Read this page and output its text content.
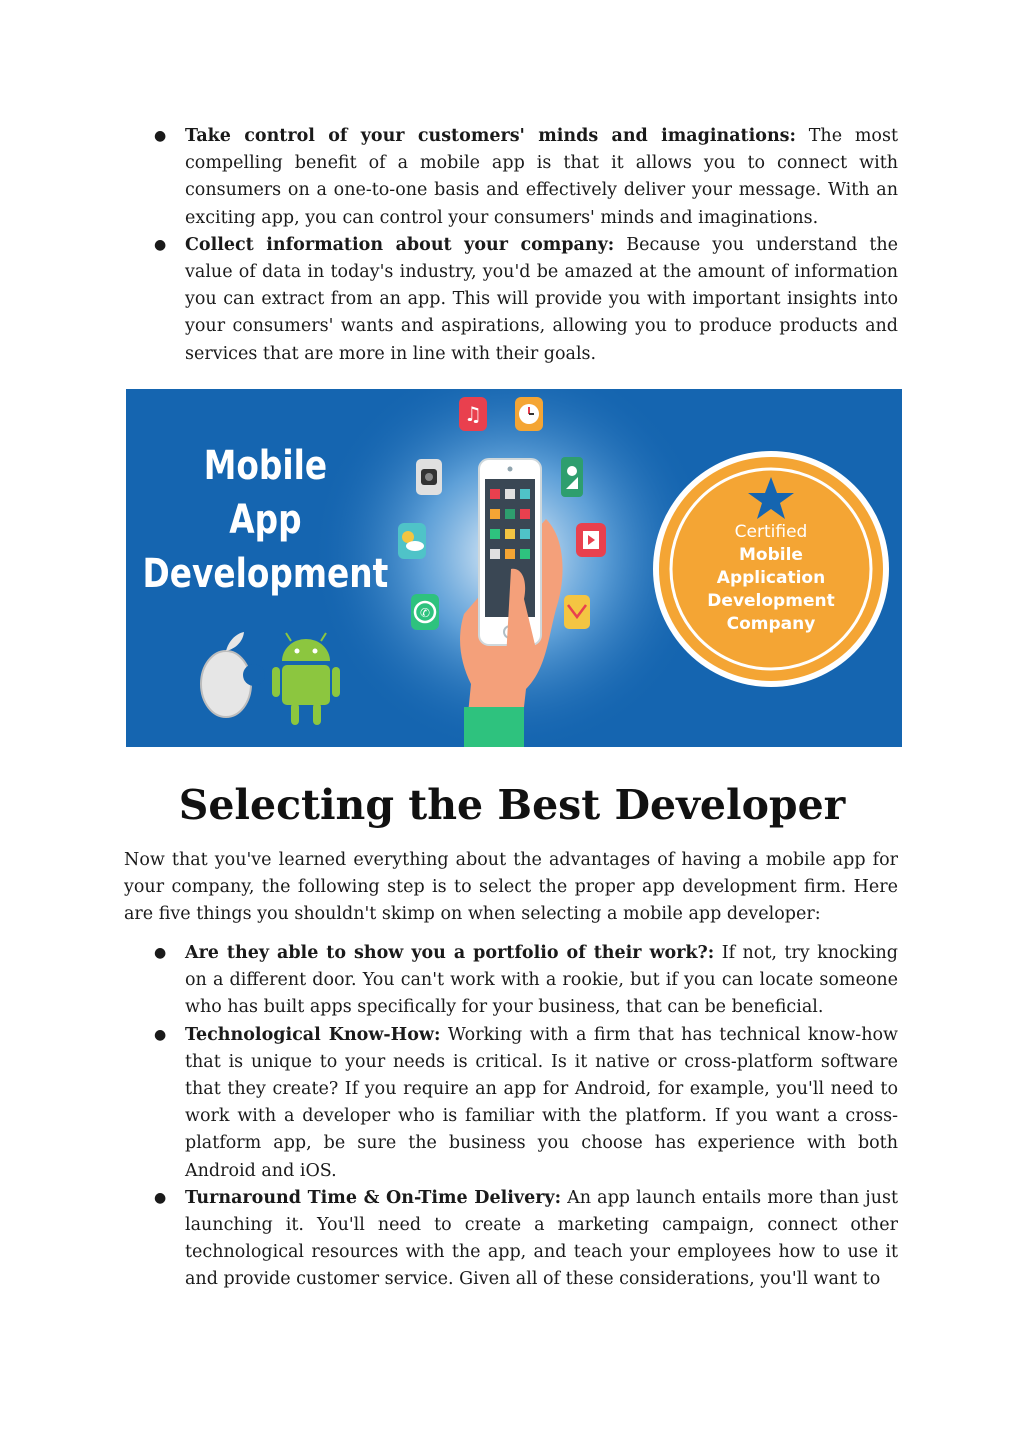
● Take control of your customers' minds and imaginations: The most compelling benefit of a mobile app is that it allows you to connect with consumers on a one-to-one basis and effectively deliver your message. With an exciting app, you can control your consumers' minds and imaginations.
● Collect information about your company: Because you understand the value of data in today's industry, you'd be amazed at the amount of information you can extract from an app. This will provide you with important insights into your consumers' wants and aspirations, allowing you to produce products and services that are more in line with their goals.
Mobile
App
Development
♫
✆
Certified
Mobile
Application
Development
Company
Selecting the Best Developer

Now that you've learned everything about the advantages of having a mobile app for your company, the following step is to select the proper app development firm. Here are five things you shouldn't skimp on when selecting a mobile app developer:

● Are they able to show you a portfolio of their work?: If not, try knocking on a different door. You can't work with a rookie, but if you can locate someone who has built apps specifically for your business, that can be beneficial.
● Technological Know-How: Working with a firm that has technical know-how that is unique to your needs is critical. Is it native or cross-platform software that they create? If you require an app for Android, for example, you'll need to work with a developer who is familiar with the platform. If you want a cross-platform app, be sure the business you choose has experience with both Android and iOS.
● Turnaround Time & On-Time Delivery: An app launch entails more than just launching it. You'll need to create a marketing campaign, connect other technological resources with the app, and teach your employees how to use it and provide customer service. Given all of these considerations, you'll want to
